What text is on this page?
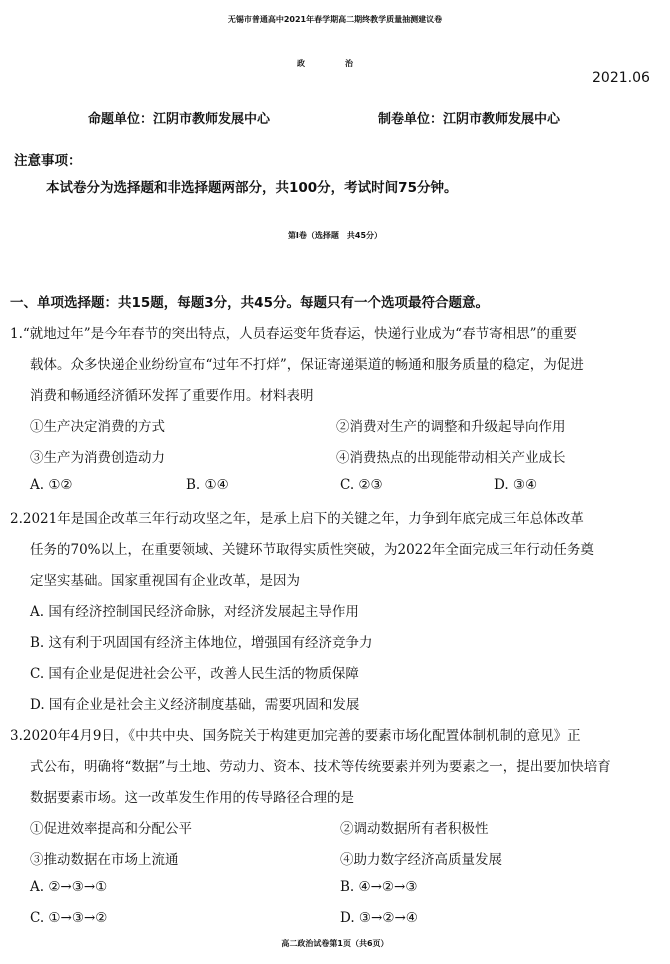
无锡市普通高中2021年春学期高二期终教学质量抽测建议卷
政治
2021.06
命题单位：江阴市教师发展中心	制卷单位：江阴市教师发展中心
注意事项：
本试卷分为选择题和非选择题两部分，共100分，考试时间75分钟。
第Ⅰ卷（选择题　共45分）
一、单项选择题：共15题，每题3分，共45分。每题只有一个选项最符合题意。
1.“就地过年”是今年春节的突出特点，人员春运变年货春运，快递行业成为“春节寄相思”的重要
载体。众多快递企业纷纷宣布“过年不打烊”，保证寄递渠道的畅通和服务质量的稳定，为促进
消费和畅通经济循环发挥了重要作用。材料表明
①生产决定消费的方式	②消费对生产的调整和升级起导向作用
③生产为消费创造动力	④消费热点的出现能带动相关产业成长
A. ①②	B. ①④	C. ②③	D. ③④
2.2021年是国企改革三年行动攻坚之年，是承上启下的关键之年，力争到年底完成三年总体改革
任务的70%以上，在重要领域、关键环节取得实质性突破，为2022年全面完成三年行动任务奠
定坚实基础。国家重视国有企业改革，是因为
A. 国有经济控制国民经济命脉，对经济发展起主导作用
B. 这有利于巩固国有经济主体地位，增强国有经济竞争力
C. 国有企业是促进社会公平，改善人民生活的物质保障
D. 国有企业是社会主义经济制度基础，需要巩固和发展
3.2020年4月9日，《中共中央、国务院关于构建更加完善的要素市场化配置体制机制的意见》正
式公布，明确将“数据”与土地、劳动力、资本、技术等传统要素并列为要素之一，提出要加快培育
数据要素市场。这一改革发生作用的传导路径合理的是
①促进效率提高和分配公平	②调动数据所有者积极性
③推动数据在市场上流通	④助力数字经济高质量发展
A. ②→③→①	B. ④→②→③
C. ①→③→②	D. ③→②→④
高二政治试卷第1页（共6页）
